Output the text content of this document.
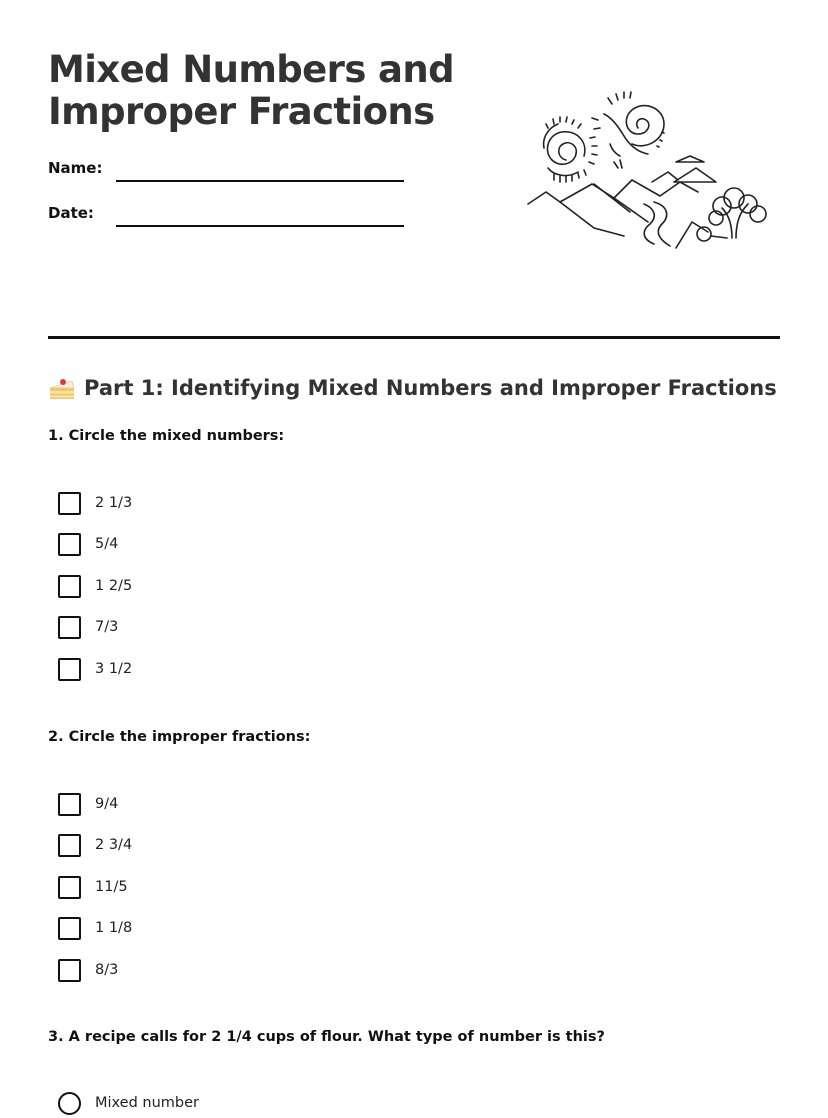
Mixed Numbers and
Improper Fractions
Name:
Date:
Part 1: Identifying Mixed Numbers and Improper Fractions

1. Circle the mixed numbers:

2 1/3
5/4
1 2/5
7/3
3 1/2

2. Circle the improper fractions:

9/4
2 3/4
11/5
1 1/8
8/3

3. A recipe calls for 2 1/4 cups of flour. What type of number is this?

Mixed number
